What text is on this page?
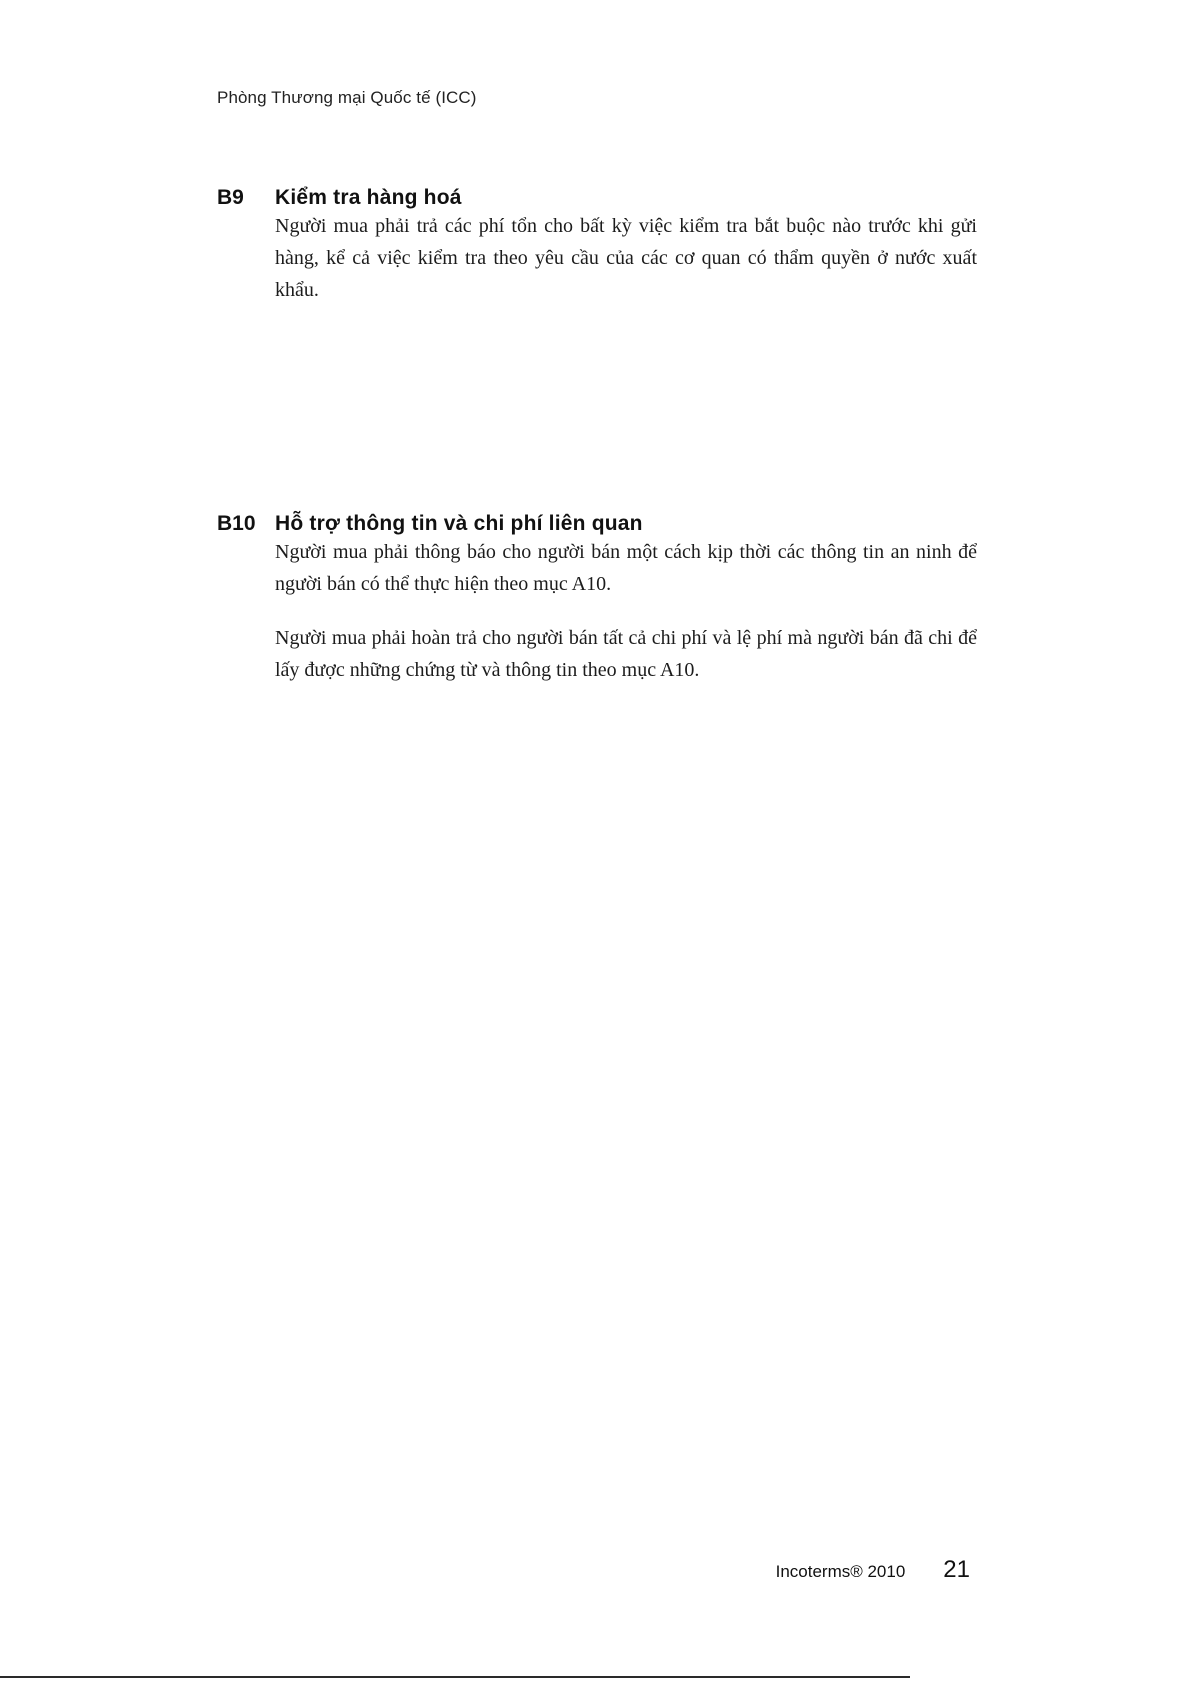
Phòng Thương mại Quốc tế (ICC)
B9	Kiểm tra hàng hoá

Người mua phải trả các phí tổn cho bất kỳ việc kiểm tra bắt buộc nào trước khi gửi hàng, kể cả việc kiểm tra theo yêu cầu của các cơ quan có thẩm quyền ở nước xuất khẩu.

B10 Hỗ trợ thông tin và chi phí liên quan

Người mua phải thông báo cho người bán một cách kịp thời các thông tin an ninh để người bán có thể thực hiện theo mục A10.

Người mua phải hoàn trả cho người bán tất cả chi phí và lệ phí mà người bán đã chi để lấy được những chứng từ và thông tin theo mục A10.

Incoterms® 2010 21
